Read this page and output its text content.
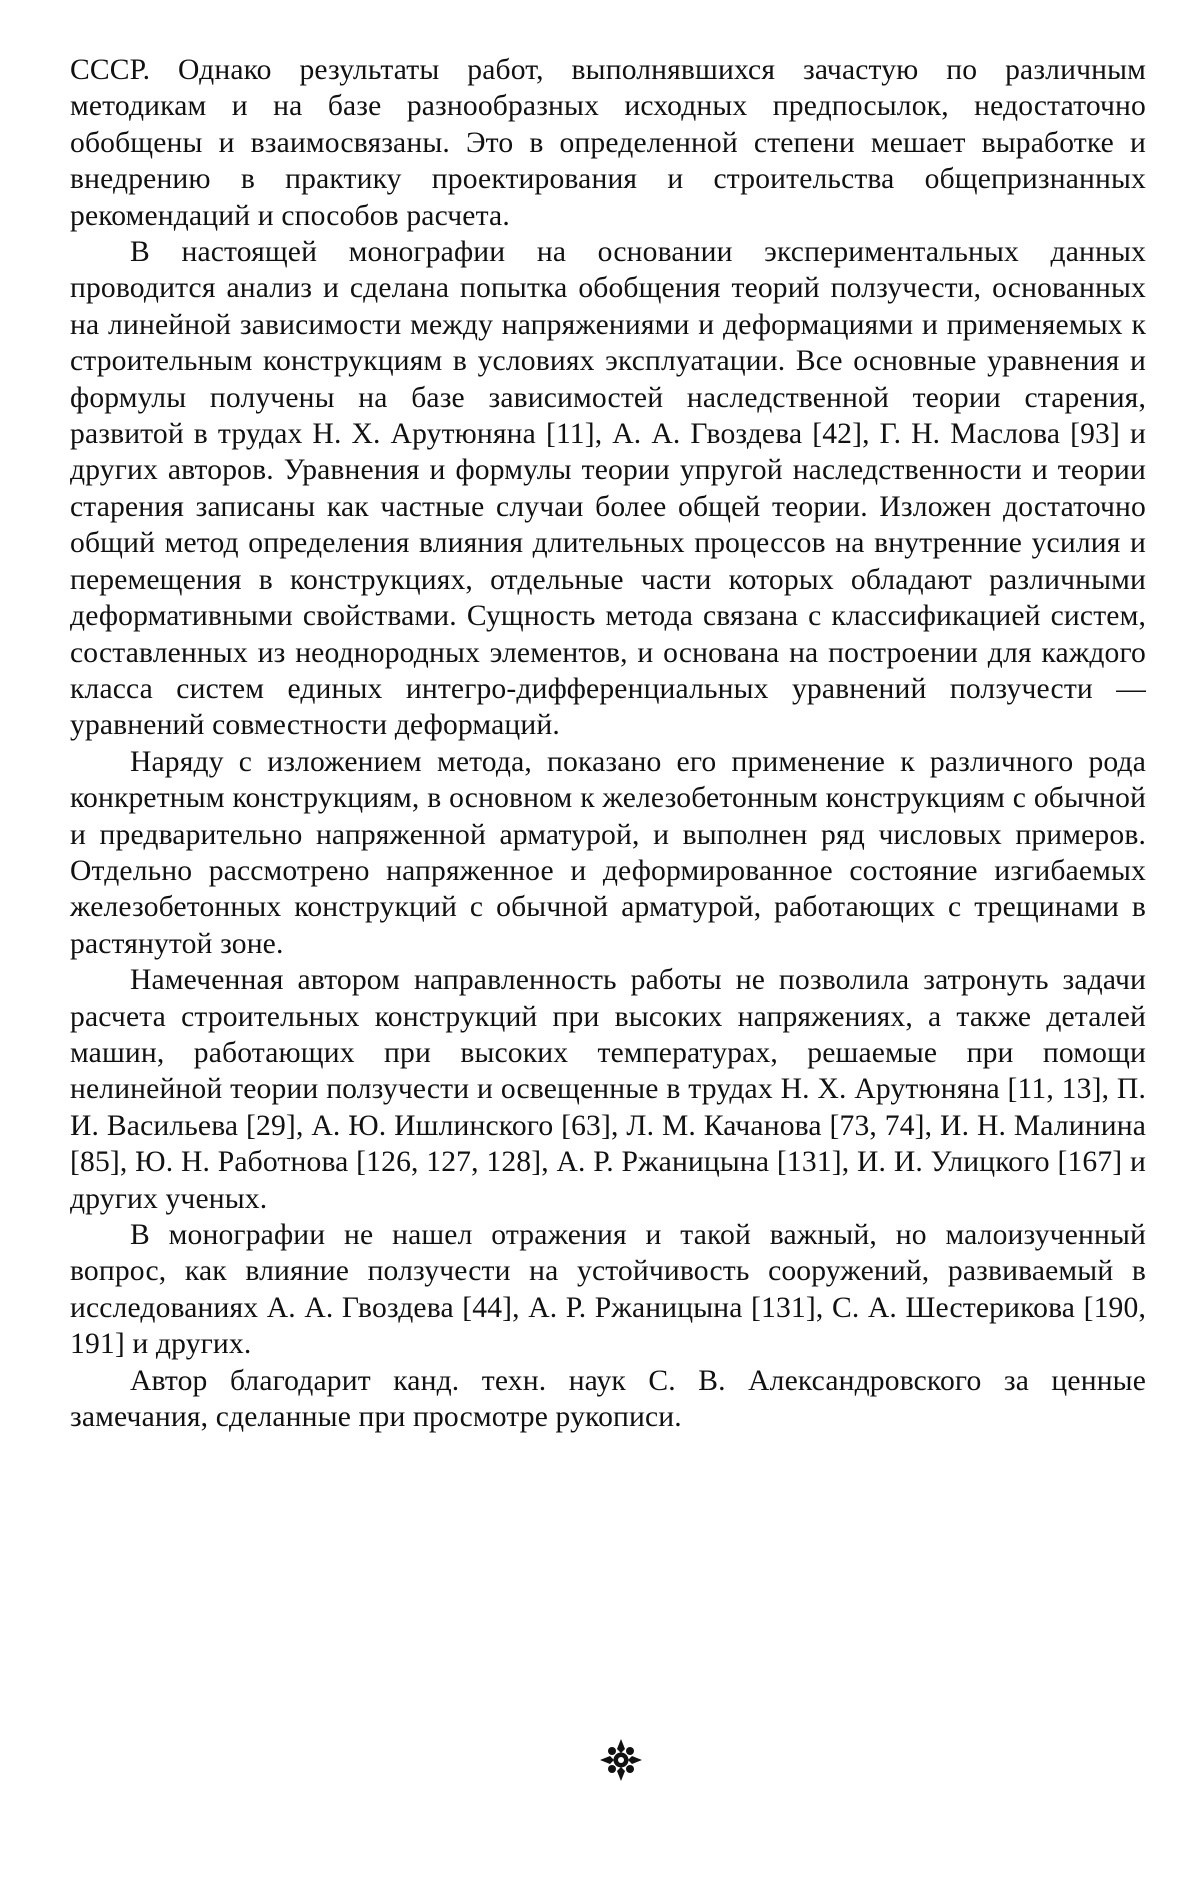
СССР. Однако результаты работ, выполнявшихся зачастую по различным методикам и на базе разнообразных исходных предпосылок, недостаточно обобщены и взаимосвязаны. Это в определенной степени мешает выработке и внедрению в практику проектирования и строительства общепризнанных рекомендаций и способов расчета.

В настоящей монографии на основании экспериментальных данных проводится анализ и сделана попытка обобщения теорий ползучести, основанных на линейной зависимости между напряжениями и деформациями и применяемых к строительным конструкциям в условиях эксплуатации. Все основные уравнения и формулы получены на базе зависимостей наследственной теории старения, развитой в трудах Н. Х. Арутюняна [11], А. А. Гвоздева [42], Г. Н. Маслова [93] и других авторов. Уравнения и формулы теории упругой наследственности и теории старения записаны как частные случаи более общей теории. Изложен достаточно общий метод определения влияния длительных процессов на внутренние усилия и перемещения в конструкциях, отдельные части которых обладают различными деформативными свойствами. Сущность метода связана с классификацией систем, составленных из неоднородных элементов, и основана на построении для каждого класса систем единых интегро-дифференциальных уравнений ползучести — уравнений совместности деформаций.

Наряду с изложением метода, показано его применение к различного рода конкретным конструкциям, в основном к железобетонным конструкциям с обычной и предварительно напряженной арматурой, и выполнен ряд числовых примеров. Отдельно рассмотрено напряженное и деформированное состояние изгибаемых железобетонных конструкций с обычной арматурой, работающих с трещинами в растянутой зоне.

Намеченная автором направленность работы не позволила затронуть задачи расчета строительных конструкций при высоких напряжениях, а также деталей машин, работающих при высоких температурах, решаемые при помощи нелинейной теории ползучести и освещенные в трудах Н. Х. Арутюняна [11, 13], П. И. Васильева [29], А. Ю. Ишлинского [63], Л. М. Качанова [73, 74], И. Н. Малинина [85], Ю. Н. Работнова [126, 127, 128], А. Р. Ржаницына [131], И. И. Улицкого [167] и других ученых.

В монографии не нашел отражения и такой важный, но малоизученный вопрос, как влияние ползучести на устойчивость сооружений, развиваемый в исследованиях А. А. Гвоздева [44], А. Р. Ржаницына [131], С. А. Шестерикова [190, 191] и других.

Автор благодарит канд. техн. наук С. В. Александровского за ценные замечания, сделанные при просмотре рукописи.
